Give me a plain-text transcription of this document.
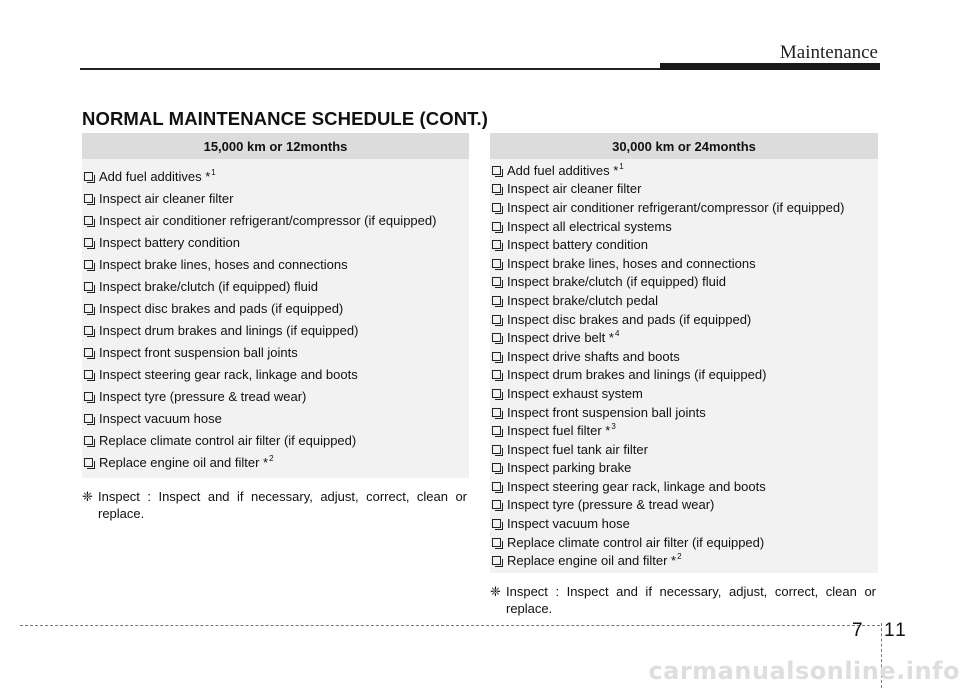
Maintenance
NORMAL MAINTENANCE SCHEDULE (CONT.)
15,000 km or 12months
Add fuel additives * 1
Inspect air cleaner filter
Inspect air conditioner refrigerant/compressor (if equipped)
Inspect battery condition
Inspect brake lines, hoses and connections
Inspect brake/clutch (if equipped) fluid
Inspect disc brakes and pads (if equipped)
Inspect drum brakes and linings (if equipped)
Inspect front suspension ball joints
Inspect steering gear rack, linkage and boots
Inspect tyre (pressure & tread wear)
Inspect vacuum hose
Replace climate control air filter (if equipped)
Replace engine oil and filter * 2
❈ Inspect : Inspect and if necessary, adjust, correct, clean or replace.
30,000 km or 24months
Add fuel additives * 1
Inspect air cleaner filter
Inspect air conditioner refrigerant/compressor (if equipped)
Inspect all electrical systems
Inspect battery condition
Inspect brake lines, hoses and connections
Inspect brake/clutch (if equipped) fluid
Inspect brake/clutch pedal
Inspect disc brakes and pads (if equipped)
Inspect drive belt * 4
Inspect drive shafts and boots
Inspect drum brakes and linings (if equipped)
Inspect exhaust system
Inspect front suspension ball joints
Inspect fuel filter * 3
Inspect fuel tank air filter
Inspect parking brake
Inspect steering gear rack, linkage and boots
Inspect tyre (pressure & tread wear)
Inspect vacuum hose
Replace climate control air filter (if equipped)
Replace engine oil and filter * 2
❈ Inspect : Inspect and if necessary, adjust, correct, clean or replace.
7 11
carmanualsonline.info
